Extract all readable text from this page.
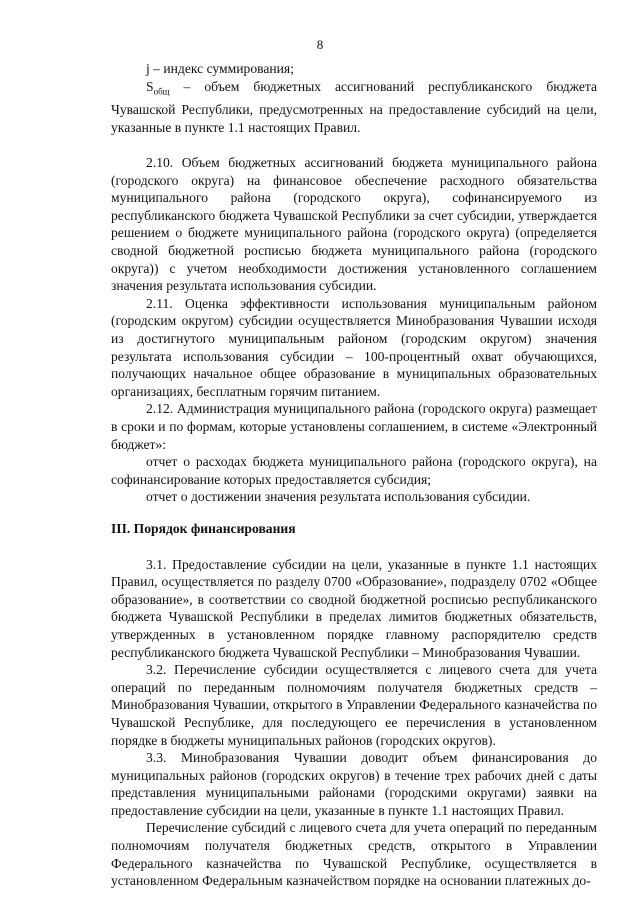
8

j – индекс суммирования;

$S_{общ}$ – объем бюджетных ассигнований республиканского бюджета Чувашской Республики, предусмотренных на предоставление субсидий на цели, указанные в пункте 1.1 настоящих Правил.

2.10. Объем бюджетных ассигнований бюджета муниципального района (городского округа) на финансовое обеспечение расходного обязательства муниципального района (городского округа), софинансируемого из республиканского бюджета Чувашской Республики за счет субсидии, утверждается решением о бюджете муниципального района (городского округа) (определяется сводной бюджетной росписью бюджета муниципального района (городского округа)) с учетом необходимости достижения установленного соглашением значения результата использования субсидии.

2.11. Оценка эффективности использования муниципальным районом (городским округом) субсидии осуществляется Минобразования Чувашии исходя из достигнутого муниципальным районом (городским округом) значения результата использования субсидии – 100-процентный охват обучающихся, получающих начальное общее образование в муниципальных образовательных организациях, бесплатным горячим питанием.

2.12. Администрация муниципального района (городского округа) размещает в сроки и по формам, которые установлены соглашением, в системе «Электронный бюджет»:

отчет о расходах бюджета муниципального района (городского округа), на софинансирование которых предоставляется субсидия;

отчет о достижении значения результата использования субсидии.

III. Порядок финансирования

3.1. Предоставление субсидии на цели, указанные в пункте 1.1 настоящих Правил, осуществляется по разделу 0700 «Образование», подразделу 0702 «Общее образование», в соответствии со сводной бюджетной росписью республиканского бюджета Чувашской Республики в пределах лимитов бюджетных обязательств, утвержденных в установленном порядке главному распорядителю средств республиканского бюджета Чувашской Республики – Минобразования Чувашии.

3.2. Перечисление субсидии осуществляется с лицевого счета для учета операций по переданным полномочиям получателя бюджетных средств – Минобразования Чувашии, открытого в Управлении Федерального казначейства по Чувашской Республике, для последующего ее перечисления в установленном порядке в бюджеты муниципальных районов (городских округов).

3.3. Минобразования Чувашии доводит объем финансирования до муниципальных районов (городских округов) в течение трех рабочих дней с даты представления муниципальными районами (городскими округами) заявки на предоставление субсидии на цели, указанные в пункте 1.1 настоящих Правил.

Перечисление субсидий с лицевого счета для учета операций по переданным полномочиям получателя бюджетных средств, открытого в Управлении Федерального казначейства по Чувашской Республике, осуществляется в установленном Федеральным казначейством порядке на основании платежных до-
